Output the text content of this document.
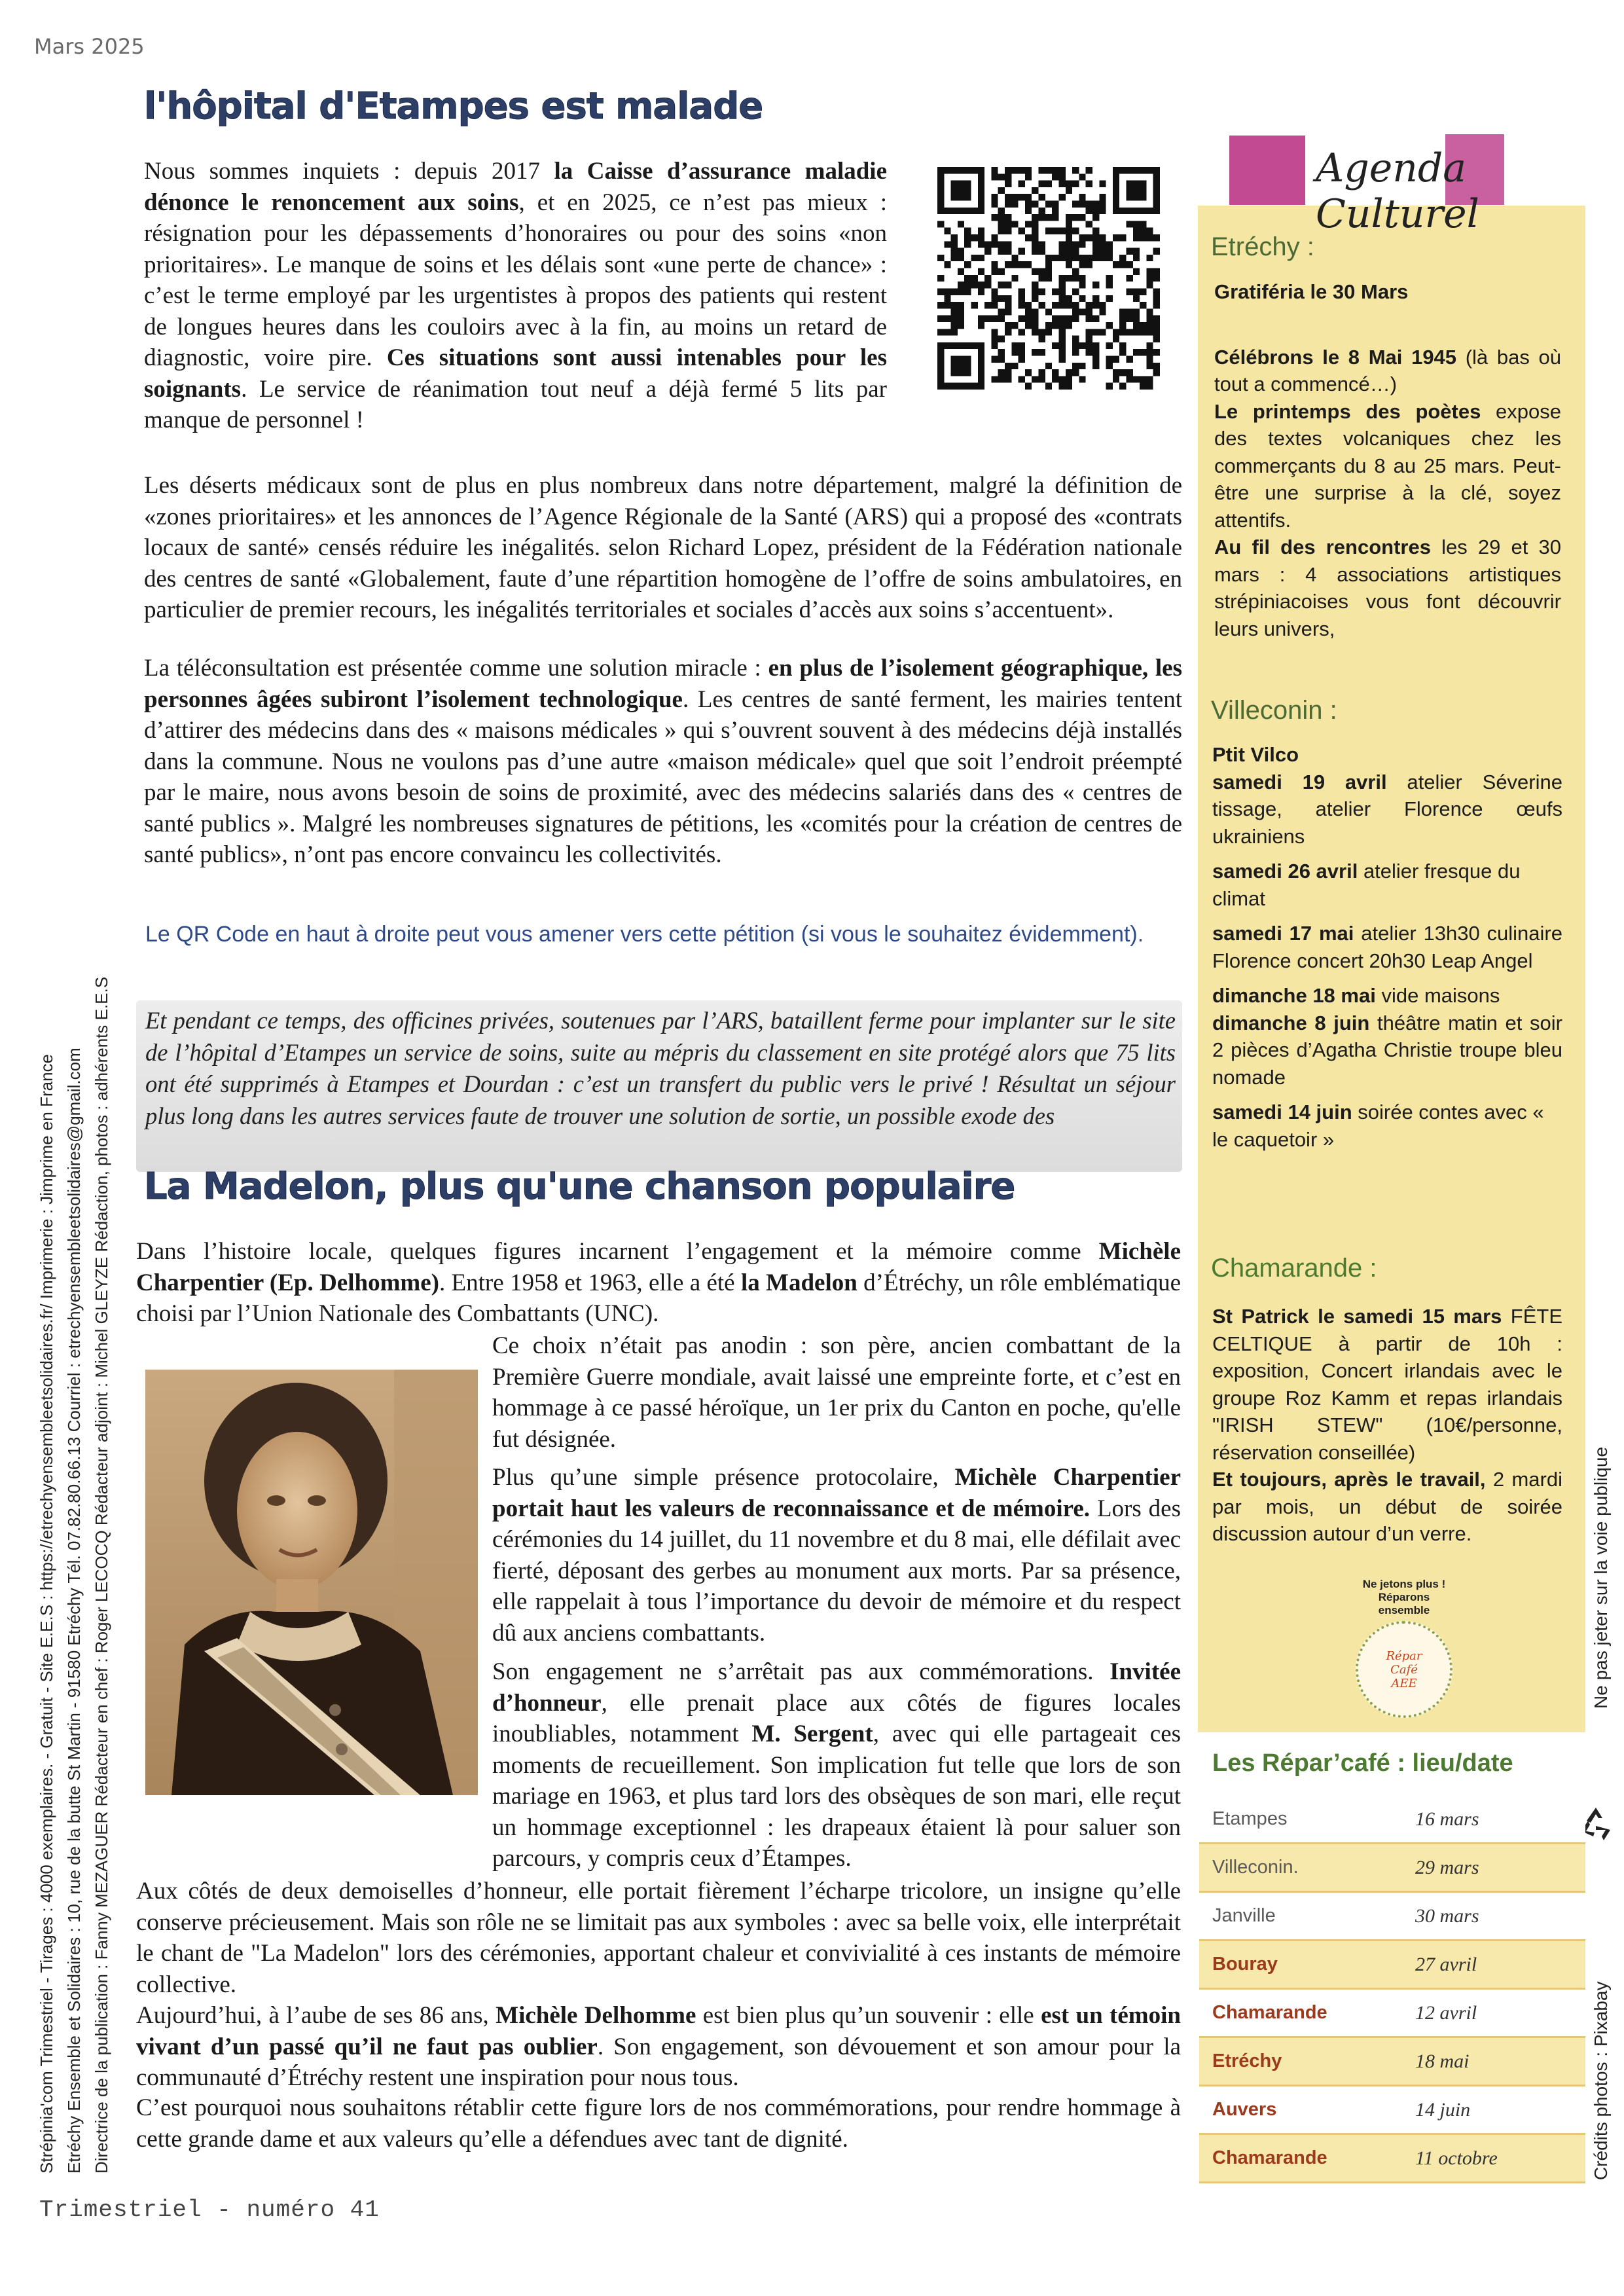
Mars 2025
Strépinia'com Trimestriel - Tirages : 4000 exemplaires. - Gratuit - Site E.E.S : https://etrechyensembleetsolidaires.fr/ Imprimerie : Jimprime en France Etréchy Ensemble et Solidaires : 10, rue de la butte St Martin - 91580 Etréchy Tél. 07.82.80.66.13 Courriel : etrechyensembleetsolidaires@gmail.com Directrice de la publication : Fanny MEZAGUER Rédacteur en chef : Roger LECOCQ Rédacteur adjoint : Michel GLEYZE Rédaction, photos : adhérents E.E.S	Ne pas jeter sur la voie publique
Crédits photos : Pixabay
l'hôpital d'Etampes est malade

Nous sommes inquiets : depuis 2017 la Caisse d’assurance maladie dénonce le renoncement aux soins, et en 2025, ce n’est pas mieux : résignation pour les dépassements d’honoraires ou pour des soins «non prioritaires». Le manque de soins et les délais sont «une perte de chance» : c’est le terme employé par les urgentistes à propos des patients qui restent de longues heures dans les couloirs avec à la fin, au moins un retard de diagnostic, voire pire. Ces situations sont aussi intenables pour les soignants. Le service de réanimation tout neuf a déjà fermé 5 lits par manque de personnel !

Les déserts médicaux sont de plus en plus nombreux dans notre département, malgré la définition de «zones prioritaires» et les annonces de l’Agence Régionale de la Santé (ARS) qui a proposé des «contrats locaux de santé» censés réduire les inégalités. selon Richard Lopez, président de la Fédération nationale des centres de santé «Globalement, faute d’une répartition homogène de l’offre de soins ambulatoires, en particulier de premier recours, les inégalités territoriales et sociales d’accès aux soins s’accentuent».

La téléconsultation est présentée comme une solution miracle : en plus de l’isolement géographique, les personnes âgées subiront l’isolement technologique. Les centres de santé ferment, les mairies tentent d’attirer des médecins dans des « maisons médicales » qui s’ouvrent souvent à des médecins déjà installés dans la commune. Nous ne voulons pas d’une autre «maison médicale» quel que soit l’endroit préempté par le maire, nous avons besoin de soins de proximité, avec des médecins salariés dans des « centres de santé publics ». Malgré les nombreuses signatures de pétitions, les «comités pour la création de centres de santé publics», n’ont pas encore convaincu les collectivités.

Le QR Code en haut à droite peut vous amener vers cette pétition (si vous le souhaitez évidemment).
Et pendant ce temps, des officines privées, soutenues par l’ARS, bataillent ferme pour implanter sur le site de l’hôpital d’Etampes un service de soins, suite au mépris du classement en site protégé alors que 75 lits ont été supprimés à Etampes et Dourdan : c’est un transfert du public vers le privé ! Résultat un séjour plus long dans les autres services faute de trouver une solution de sortie, un possible exode des
La Madelon, plus qu'une chanson populaire

Dans l’histoire locale, quelques figures incarnent l’engagement et la mémoire comme Michèle Charpentier (Ep. Delhomme). Entre 1958 et 1963, elle a été la Madelon d’Étréchy, un rôle emblématique choisi par l’Union Nationale des Combattants (UNC).

Ce choix n’était pas anodin : son père, ancien combattant de la Première Guerre mondiale, avait laissé une empreinte forte, et c’est en hommage à ce passé héroïque, un 1er prix du Canton en poche, qu'elle fut désignée.

Plus qu’une simple présence protocolaire, Michèle Charpentier portait haut les valeurs de reconnaissance et de mémoire. Lors des cérémonies du 14 juillet, du 11 novembre et du 8 mai, elle défilait avec fierté, déposant des gerbes au monument aux morts. Par sa présence, elle rappelait à tous l’importance du devoir de mémoire et du respect dû aux anciens combattants.

Son engagement ne s’arrêtait pas aux commémorations. Invitée d’honneur, elle prenait place aux côtés de figures locales inoubliables, notamment M. Sergent, avec qui elle partageait ces moments de recueillement. Son implication fut telle que lors de son mariage en 1963, et plus tard lors des obsèques de son mari, elle reçut un hommage exceptionnel : les drapeaux étaient là pour saluer son parcours, y compris ceux d’Étampes.

Aux côtés de deux demoiselles d’honneur, elle portait fièrement l’écharpe tricolore, un insigne qu’elle conserve précieusement. Mais son rôle ne se limitait pas aux symboles : avec sa belle voix, elle interprétait le chant de "La Madelon" lors des cérémonies, apportant chaleur et convivialité à ces instants de mémoire collective.

Aujourd’hui, à l’aube de ses 86 ans, Michèle Delhomme est bien plus qu’un souvenir : elle est un témoin vivant d’un passé qu’il ne faut pas oublier. Son engagement, son dévouement et son amour pour la communauté d’Étréchy restent une inspiration pour nous tous.

C’est pourquoi nous souhaitons rétablir cette figure lors de nos commémorations, pour rendre hommage à cette grande dame et aux valeurs qu’elle a défendues avec tant de dignité.

Trimestriel - numéro 41
Agenda Culturel
Etréchy :

Gratiféria le 30 Mars

Célébrons le 8 Mai 1945 (là bas où tout a commencé…)

Le printemps des poètes expose des textes volcaniques chez les commerçants du 8 au 25 mars. Peut-être une surprise à la clé, soyez attentifs.

Au fil des rencontres les 29 et 30 mars : 4 associations artistiques strépiniacoises vous font découvrir leurs univers,

Villeconin :

Ptit Vilco

samedi 19 avril atelier Séverine tissage, atelier Florence œufs ukrainiens

samedi 26 avril atelier fresque du climat

samedi 17 mai atelier 13h30 culinaire Florence concert 20h30 Leap Angel

dimanche 18 mai vide maisons

dimanche 8 juin théâtre matin et soir 2 pièces d’Agatha Christie troupe bleu nomade

samedi 14 juin soirée contes avec « le caquetoir »

Chamarande :

St Patrick le samedi 15 mars FÊTE CELTIQUE à partir de 10h : exposition, Concert irlandais avec le groupe Roz Kamm et repas irlandais "IRISH STEW" (10€/personne, réservation conseillée)

Et toujours, après le travail, 2 mardi par mois, un début de soirée discussion autour d’un verre.

Ne jetons plus !
Réparons ensemble
Répar Café AEE
Les Répar’café : lieu/date
Etampes	16 mars
Villeconin.	29 mars
Janville	30 mars
Bouray	27 avril
Chamarande	12 avril
Etréchy	18 mai
Auvers	14 juin
Chamarande	11 octobre
